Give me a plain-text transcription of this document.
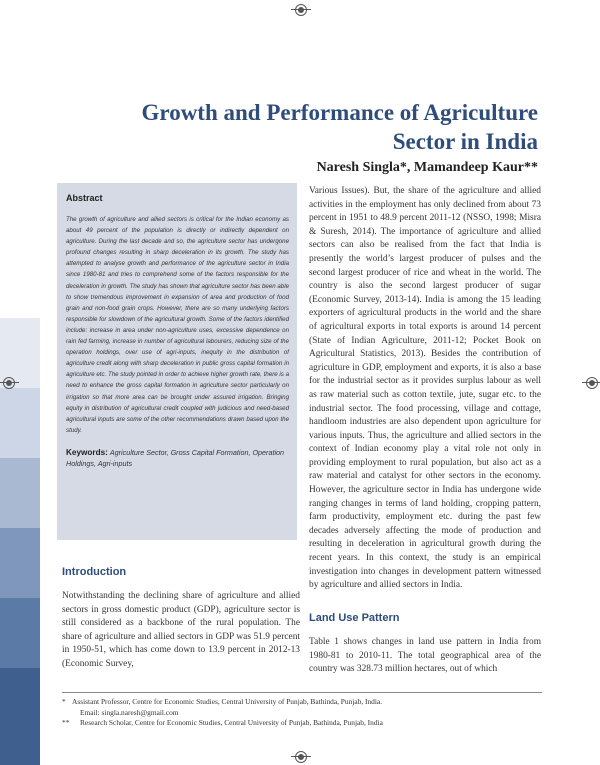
Growth and Performance of Agriculture Sector in India
Naresh Singla*, Mamandeep Kaur**
Abstract
The growth of agriculture and allied sectors is critical for the Indian economy as about 49 percent of the population is directly or indirectly dependent on agriculture. During the last decade and so, the agriculture sector has undergone profound changes resulting in sharp deceleration in its growth. The study has attempted to analyse growth and performance of the agriculture sector in India since 1980-81 and tries to comprehend some of the factors responsible for the deceleration in growth. The study has shown that agriculture sector has been able to show tremendous improvement in expansion of area and production of food grain and non-food grain crops. However, there are so many underlying factors responsible for slowdown of the agricultural growth. Some of the factors identified include: increase in area under non-agriculture uses, excessive dependence on rain fed farming, increase in number of agricultural labourers, reducing size of the operation holdings, over use of agri-inputs, inequity in the distribution of agriculture credit along with sharp deceleration in public gross capital formation in agriculture etc. The study pointed in order to achieve higher growth rate, there is a need to enhance the gross capital formation in agriculture sector particularly on irrigation so that more area can be brought under assured irrigation. Bringing equity in distribution of agricultural credit coupled with judicious and need-based agricultural inputs are some of the other recommendations drawn based upon the study.
Keywords: Agriculture Sector, Gross Capital Formation, Operation Holdings, Agri-inputs
Introduction
Notwithstanding the declining share of agriculture and allied sectors in gross domestic product (GDP), agriculture sector is still considered as a backbone of the rural population. The share of agriculture and allied sectors in GDP was 51.9 percent in 1950-51, which has come down to 13.9 percent in 2012-13 (Economic Survey,
Various Issues). But, the share of the agriculture and allied activities in the employment has only declined from about 73 percent in 1951 to 48.9 percent 2011-12 (NSSO, 1998; Misra & Suresh, 2014). The importance of agriculture and allied sectors can also be realised from the fact that India is presently the world’s largest producer of pulses and the second largest producer of rice and wheat in the world. The country is also the second largest producer of sugar (Economic Survey, 2013-14). India is among the 15 leading exporters of agricultural products in the world and the share of agricultural exports in total exports is around 14 percent (State of Indian Agriculture, 2011-12; Pocket Book on Agricultural Statistics, 2013). Besides the contribution of agriculture in GDP, employment and exports, it is also a base for the industrial sector as it provides surplus labour as well as raw material such as cotton textile, jute, sugar etc. to the industrial sector. The food processing, village and cottage, handloom industries are also dependent upon agriculture for various inputs. Thus, the agriculture and allied sectors in the context of Indian economy play a vital role not only in providing employment to rural population, but also act as a raw material and catalyst for other sectors in the economy. However, the agriculture sector in India has undergone wide ranging changes in terms of land holding, cropping pattern, farm productivity, employment etc. during the past few decades adversely affecting the mode of production and resulting in deceleration in agricultural growth during the recent years. In this context, the study is an empirical investigation into changes in development pattern witnessed by agriculture and allied sectors in India.
Land Use Pattern
Table 1 shows changes in land use pattern in India from 1980-81 to 2010-11. The total geographical area of the country was 328.73 million hectares, out of which
* Assistant Professor, Centre for Economic Studies, Central University of Punjab, Bathinda, Punjab, India.
Email: singla.naresh@gmail.com
**	Research Scholar, Centre for Economic Studies, Central University of Punjab, Bathinda, Punjab, India
